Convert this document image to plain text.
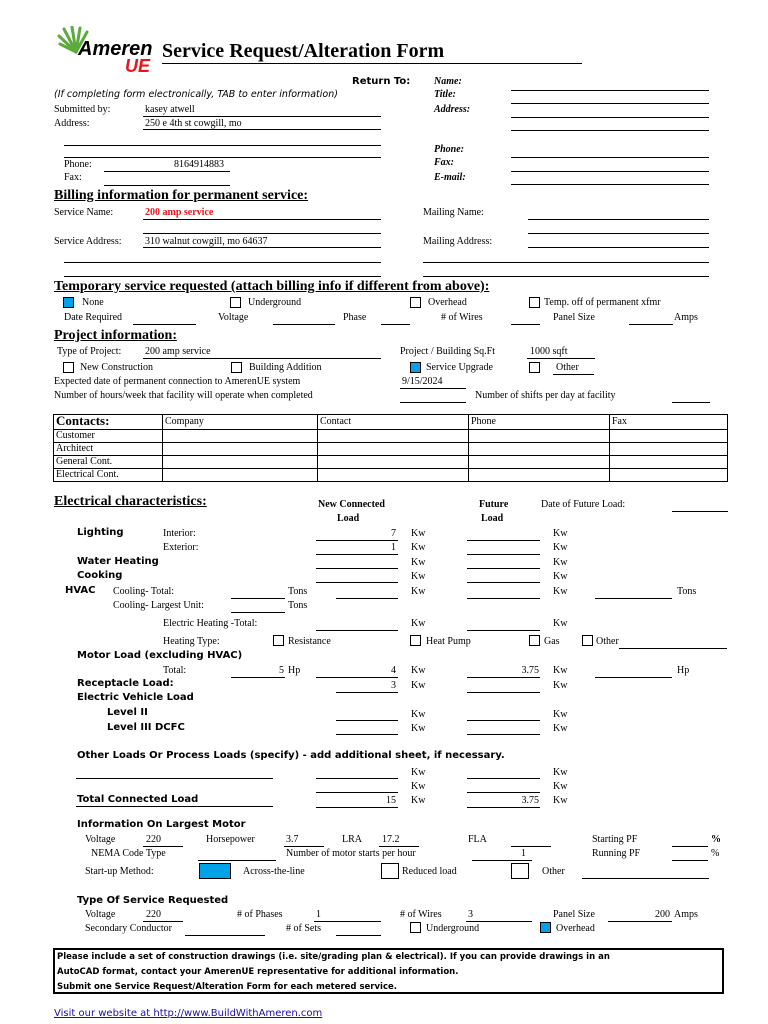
Ameren
UE
Service Request/Alteration Form
Return To: Name:
Title:
Address:
Phone:
Fax:
E-mail:
(If completing form electronically, TAB to enter information)
Submitted by:	kasey atwell
Address:	250 e 4th st cowgill, mo
Phone:	8164914883
Fax:
Billing information for permanent service:
Service Name:	200 amp service	Mailing Name:
Service Address: 310 walnut cowgill, mo 64637	Mailing Address:
Temporary service requested (attach billing info if different from above):
None	Underground	Overhead	Temp. off of permanent xfmr
Date Required	Voltage	Phase	# of Wires	Panel Size	Amps
Project information:
Type of Project: 200 amp service	Project / Building Sq.Ft	1000 sqft
New Construction	Building Addition	Service Upgrade	Other
Expected date of permanent connection to AmerenUE system	9/15/2024
Number of hours/week that facility will operate when completed	Number of shifts per day at facility
Contacts:	Company	Contact	Phone	Fax
Customer				
Architect				
General Cont.				
Electrical Cont.				
Electrical characteristics:	New Connected
Load
Future
Load
Date of Future Load:
Lighting	Interior:	7 Kw	Kw
Exterior:	1 Kw	Kw
Water Heating	Kw	Kw
Cooking	Kw	Kw
HVAC Cooling- Total:	Tons	Kw	Kw	Tons
Cooling- Largest Unit:	Tons
Electric Heating -Total:	Kw	Kw
Heating Type:	Resistance	Heat Pump	Gas	Other
Motor Load (excluding HVAC)
Total:	5 Hp	4 Kw	3.75 Kw	Hp
Receptacle Load:	3 Kw	Kw
Electric Vehicle Load
Level II	Kw	Kw
Level III DCFC	Kw	Kw
Other Loads Or Process Loads (specify) - add additional sheet, if necessary.
Kw	Kw
Kw	Kw
Total Connected Load	15 Kw	3.75 Kw
Information On Largest Motor
Voltage	220	Horsepower	3.7	LRA 17.2	FLA	Starting PF	%
NEMA Code Type	Number of motor starts per hour	1	Running PF	%
Start-up Method:	Across-the-line	Reduced load	Other
Type Of Service Requested
Voltage	220	# of Phases	1	# of Wires	3	Panel Size	200 Amps
Secondary Conductor	# of Sets	Underground	Overhead
Please include a set of construction drawings (i.e. site/grading plan & electrical). If you can provide drawings in an
AutoCAD format, contact your AmerenUE representative for additional information.
Submit one Service Request/Alteration Form for each metered service.
Visit our website at http://www.BuildWithAmeren.com
